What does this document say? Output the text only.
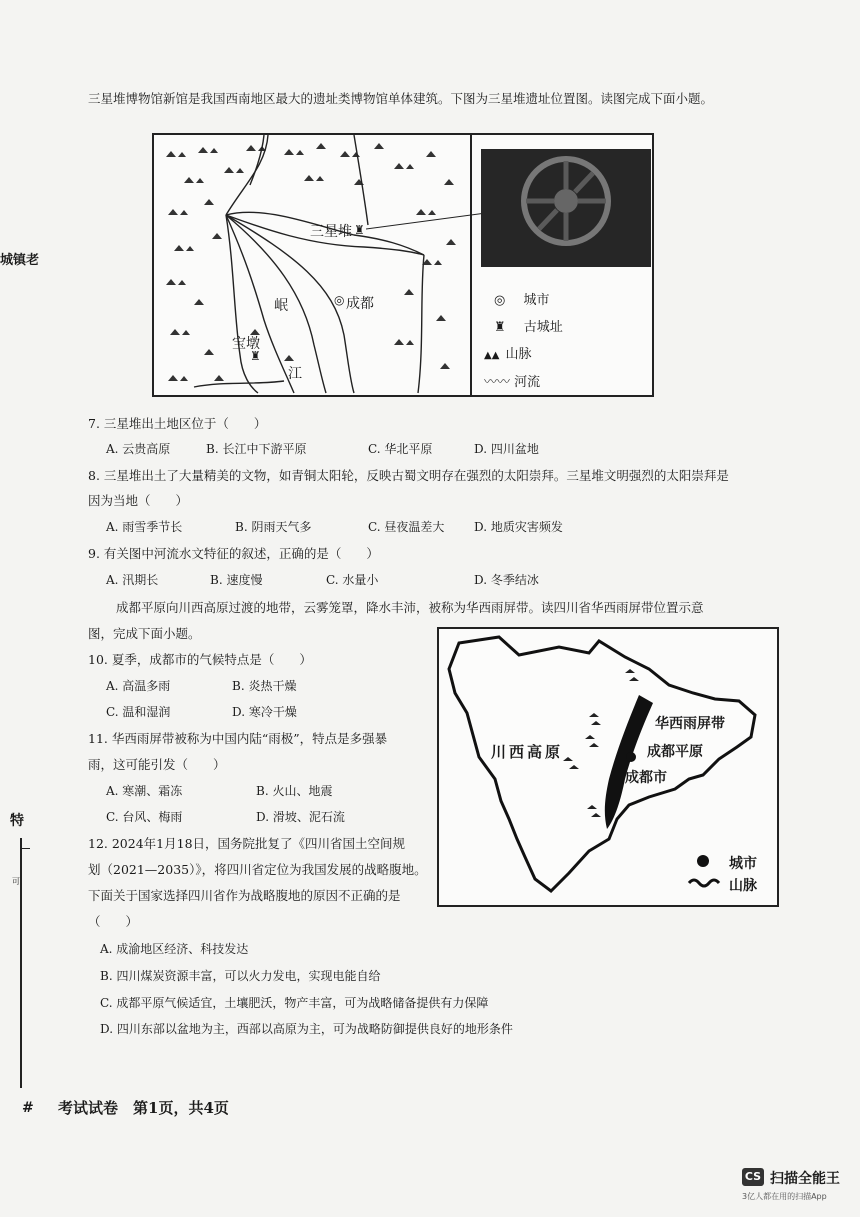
城镇老
特
可
三星堆博物馆新馆是我国西南地区最大的遗址类博物馆单体建筑。下图为三星堆遗址位置图。读图完成下面小题。
三星堆 ♜
◎ 成都
岷
江
宝墩
♜
◎ 城市
♜ 古城址
▲▲ 山脉
〰〰 河流
7. 三星堆出土地区位于（　　）
A. 云贵高原	B. 长江中下游平原	C. 华北平原	D. 四川盆地
8. 三星堆出土了大量精美的文物，如青铜太阳轮，反映古蜀文明存在强烈的太阳崇拜。三星堆文明强烈的太阳崇拜是
因为当地（　　）
A. 雨雪季节长	B. 阴雨天气多	C. 昼夜温差大 D. 地质灾害频发
9. 有关图中河流水文特征的叙述，正确的是（　　）
A. 汛期长	B. 速度慢	C. 水量小	D. 冬季结冰
成都平原向川西高原过渡的地带，云雾笼罩，降水丰沛，被称为华西雨屏带。读四川省华西雨屏带位置示意
图，完成下面小题。
华西雨屏带
成都平原
川西高原
成都市
城市
山脉
10. 夏季，成都市的气候特点是（　　）
A. 高温多雨	B. 炎热干燥
C. 温和湿润	D. 寒冷干燥
11. 华西雨屏带被称为中国内陆“雨极”，特点是多强暴
雨，这可能引发（　　）
A. 寒潮、霜冻	B. 火山、地震
C. 台风、梅雨	D. 滑坡、泥石流
12. 2024年1月18日，国务院批复了《四川省国土空间规
划（2021—2035）》，将四川省定位为我国发展的战略腹地。
下面关于国家选择四川省作为战略腹地的原因不正确的是
（　　）
A. 成渝地区经济、科技发达
B. 四川煤炭资源丰富，可以火力发电，实现电能自给
C. 成都平原气候适宜，土壤肥沃，物产丰富，可为战略储备提供有力保障
D. 四川东部以盆地为主，西部以高原为主，可为战略防御提供良好的地形条件
# 考试试卷　第1页，共4页
CS 扫描全能王
3亿人都在用的扫描App
